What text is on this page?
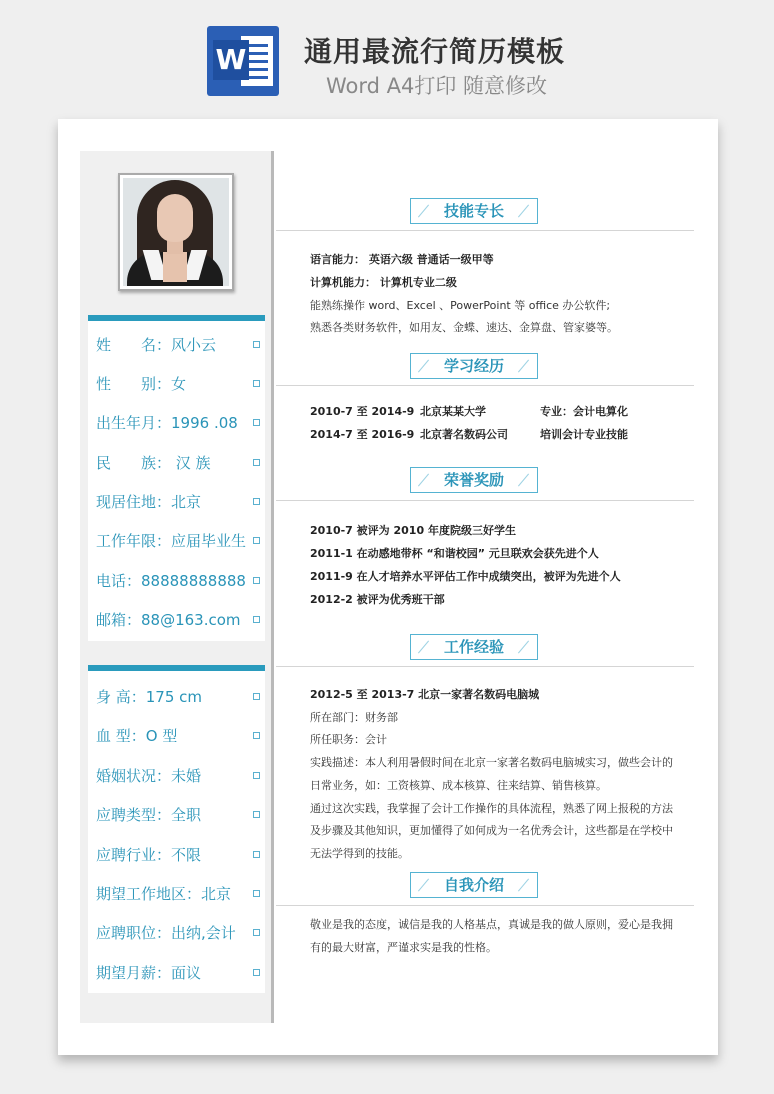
W 通用最流行简历模板
Word A4打印 随意修改
姓　　名：风小云
性　　别：女
出生年月：1996 .08
民　　族： 汉 族
现居住地：北京
工作年限：应届毕业生
电话：88888888888
邮箱：88@163.com
身 高：175 cm
血 型：O 型
婚姻状况：未婚
应聘类型：全职
应聘行业：不限
期望工作地区：北京
应聘职位：出纳,会计
期望月薪：面议
技能专长
语言能力： 英语六级 普通话一级甲等
计算机能力： 计算机专业二级
能熟练操作 word、Excel 、PowerPoint 等 office 办公软件;
熟悉各类财务软件，如用友、金蝶、速达、金算盘、管家婆等。
学习经历
2010-7 至 2014-9 北京某某大学	专业：会计电算化
2014-7 至 2016-9 北京著名数码公司	培训会计专业技能
荣誉奖励
2010-7 被评为 2010 年度院级三好学生
2011-1 在动感地带杯 “和谐校园” 元旦联欢会获先进个人
2011-9 在人才培养水平评估工作中成绩突出，被评为先进个人
2012-2 被评为优秀班干部
工作经验
2012-5 至 2013-7 北京一家著名数码电脑城
所在部门：财务部
所任职务：会计
实践描述：本人利用暑假时间在北京一家著名数码电脑城实习，做些会计的
日常业务，如：工资核算、成本核算、往来结算、销售核算。
通过这次实践，我掌握了会计工作操作的具体流程，熟悉了网上报税的方法
及步骤及其他知识，更加懂得了如何成为一名优秀会计，这些都是在学校中
无法学得到的技能。
自我介绍
敬业是我的态度，诚信是我的人格基点，真诚是我的做人原则，爱心是我拥
有的最大财富，严谨求实是我的性格。
